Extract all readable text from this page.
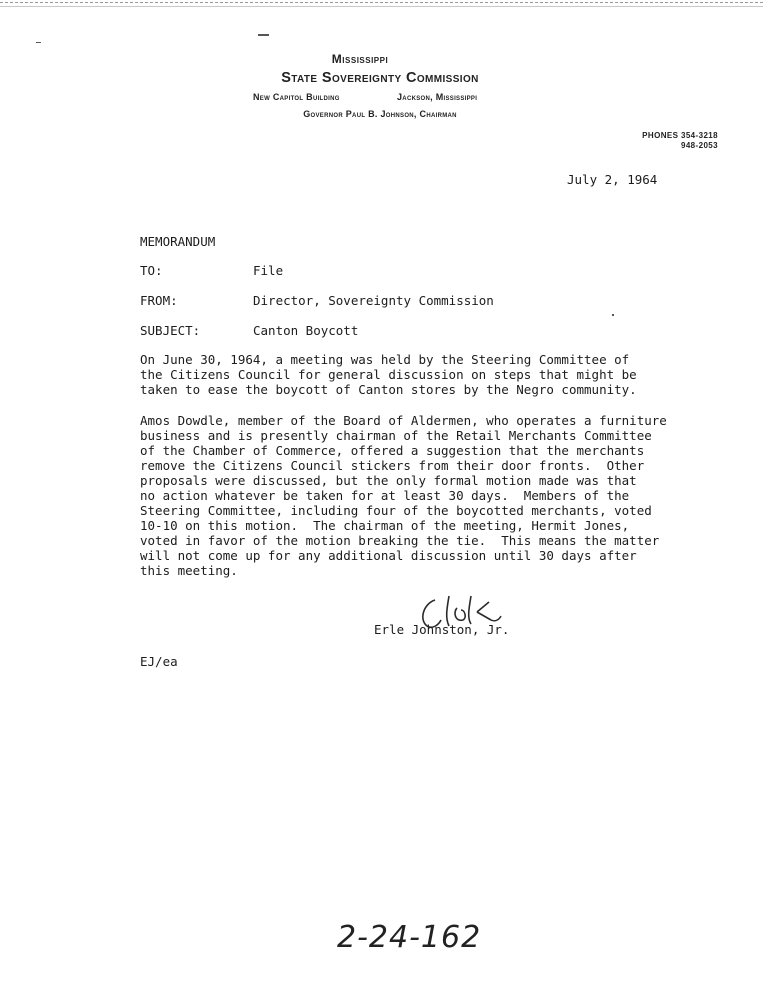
Mississippi
State Sovereignty Commission
New Capitol Building	Jackson, Mississippi
Governor Paul B. Johnson, Chairman
PHONES 354-3218
948-2053
July 2, 1964
MEMORANDUM
TO:	File
FROM:	Director, Sovereignty Commission
SUBJECT:	Canton Boycott
On June 30, 1964, a meeting was held by the Steering Committee of
the Citizens Council for general discussion on steps that might be
taken to ease the boycott of Canton stores by the Negro community.
Amos Dowdle, member of the Board of Aldermen, who operates a furniture
business and is presently chairman of the Retail Merchants Committee
of the Chamber of Commerce, offered a suggestion that the merchants
remove the Citizens Council stickers from their door fronts.  Other
proposals were discussed, but the only formal motion made was that
no action whatever be taken for at least 30 days.  Members of the
Steering Committee, including four of the boycotted merchants, voted
10-10 on this motion.  The chairman of the meeting, Hermit Jones,
voted in favor of the motion breaking the tie.  This means the matter
will not come up for any additional discussion until 30 days after
this meeting.
Erle Johnston, Jr.
EJ/ea
2-24-162
